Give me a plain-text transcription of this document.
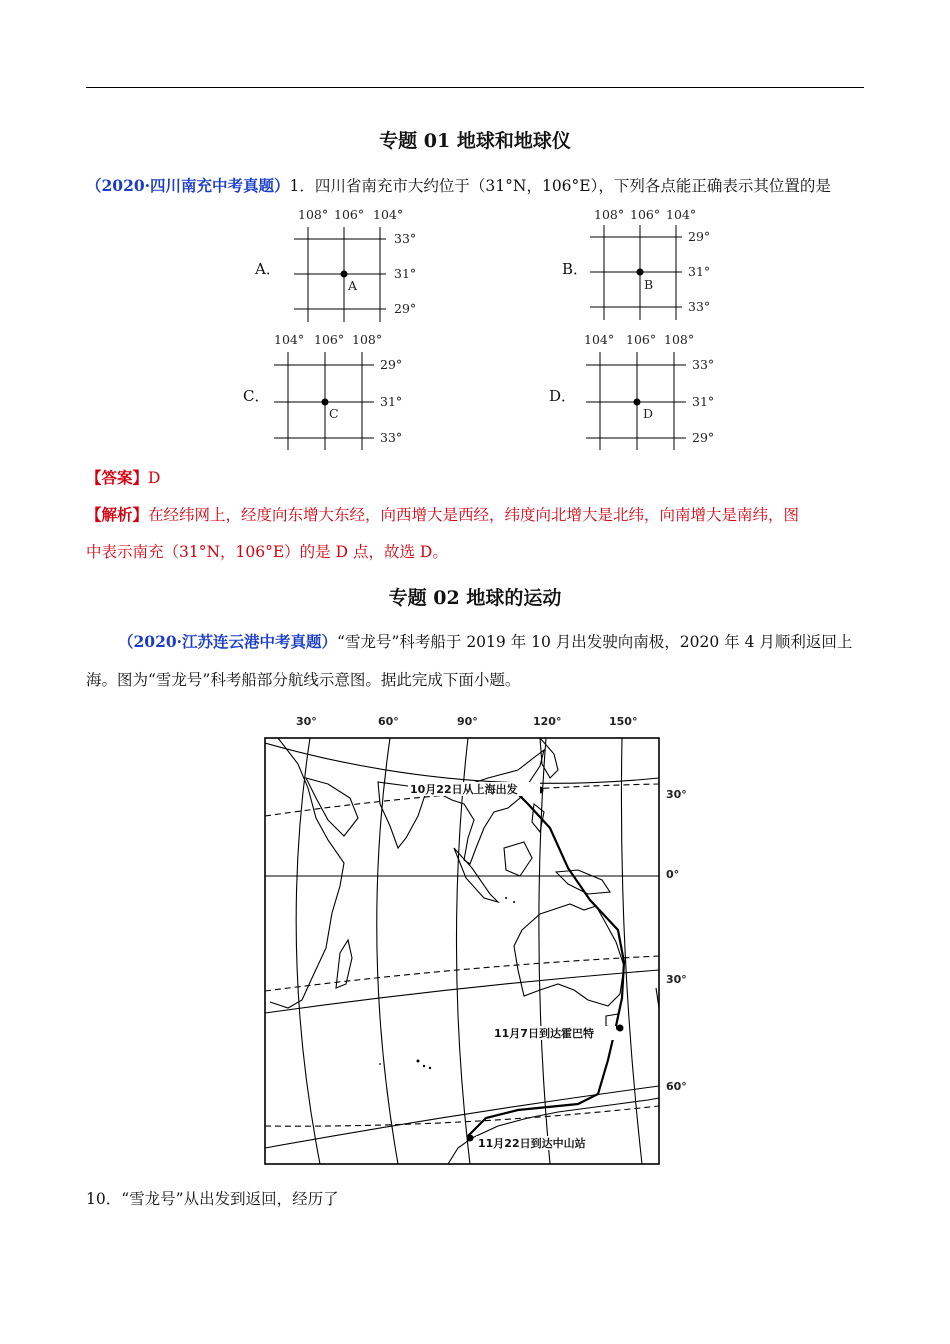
专题 01 地球和地球仪
（2020·四川南充中考真题）1．四川省南充市大约位于（31°N，106°E），下列各点能正确表示其位置的是
A．
108° 106° 104°
33°
31°
29°
A
B．
108° 106° 104°
29°
31°
33°
B
C．
104° 106° 108°
29°
31°
33°
C
D．
104° 106° 108°
33°
31°
29°
D
【答案】D
【解析】在经纬网上，经度向东增大东经，向西增大是西经，纬度向北增大是北纬，向南增大是南纬，图
中表示南充（31°N，106°E）的是 D 点，故选 D。
专题 02 地球的运动
（2020·江苏连云港中考真题）“雪龙号”科考船于 2019 年 10 月出发驶向南极，2020 年 4 月顺利返回上
海。图为“雪龙号”科考船部分航线示意图。据此完成下面小题。
30°	60°	90°	120°	150°
30°
0°
30°
60°
10月22日从上海出发
11月7日到达霍巴特
11月22日到达中山站
10．“雪龙号”从出发到返回，经历了
